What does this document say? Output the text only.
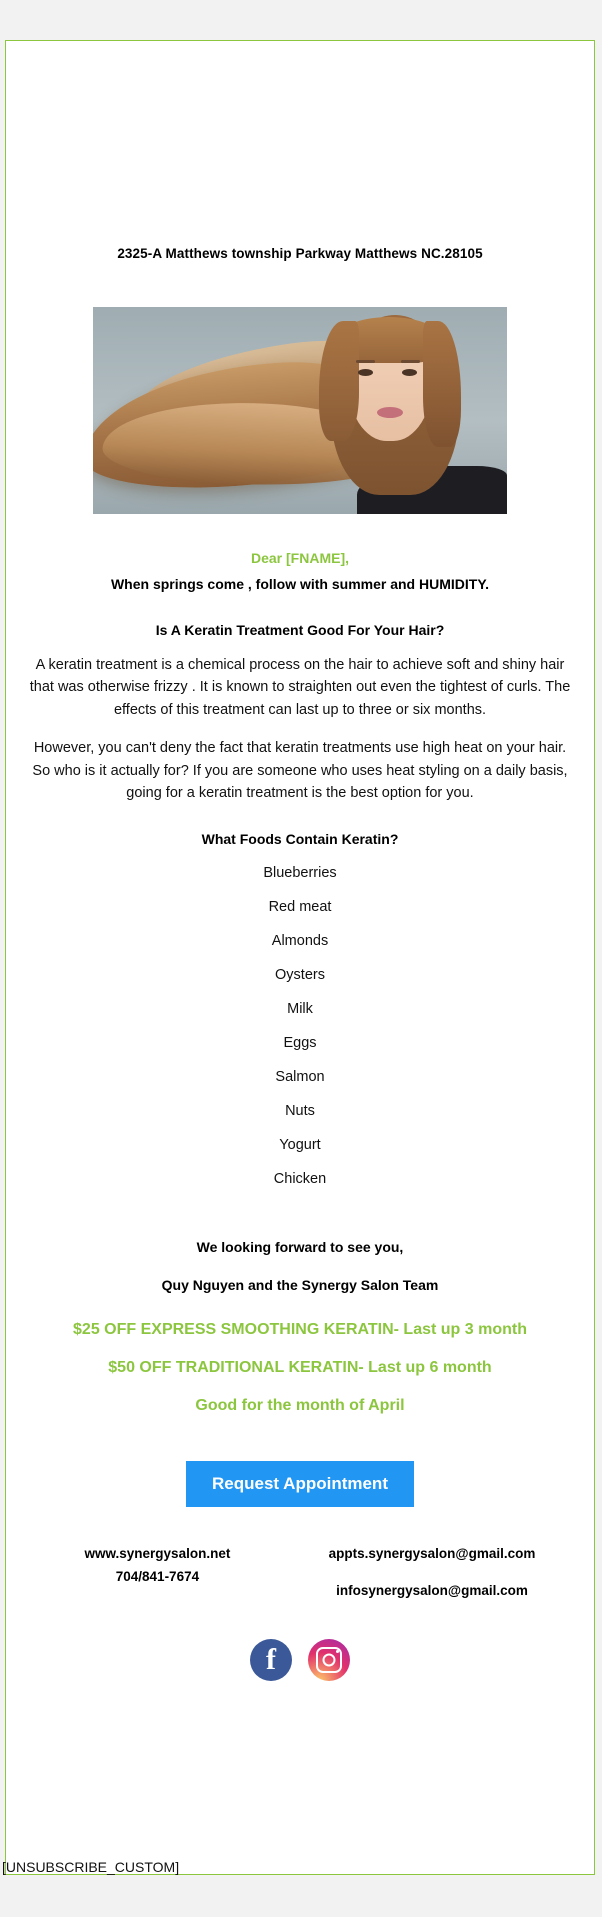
2325-A Matthews township Parkway Matthews NC.28105
Dear [FNAME],
When springs come , follow with summer and HUMIDITY.
Is A Keratin Treatment Good For Your Hair?
A keratin treatment is a chemical process on the hair to achieve soft and shiny hair that was otherwise frizzy . It is known to straighten out even the tightest of curls. The effects of this treatment can last up to three or six months.
However, you can't deny the fact that keratin treatments use high heat on your hair. So who is it actually for? If you are someone who uses heat styling on a daily basis, going for a keratin treatment is the best option for you.
What Foods Contain Keratin?
Blueberries
Red meat
Almonds
Oysters
Milk
Eggs
Salmon
Nuts
Yogurt
Chicken
We looking forward to see you,
Quy Nguyen and the Synergy Salon Team
$25 OFF EXPRESS SMOOTHING KERATIN- Last up 3 month
$50 OFF TRADITIONAL KERATIN- Last up 6 month
Good for the month of April
Request Appointment
www.synergysalon.net
704/841-7674
appts.synergysalon@gmail.com
infosynergysalon@gmail.com
f
[UNSUBSCRIBE_CUSTOM]
